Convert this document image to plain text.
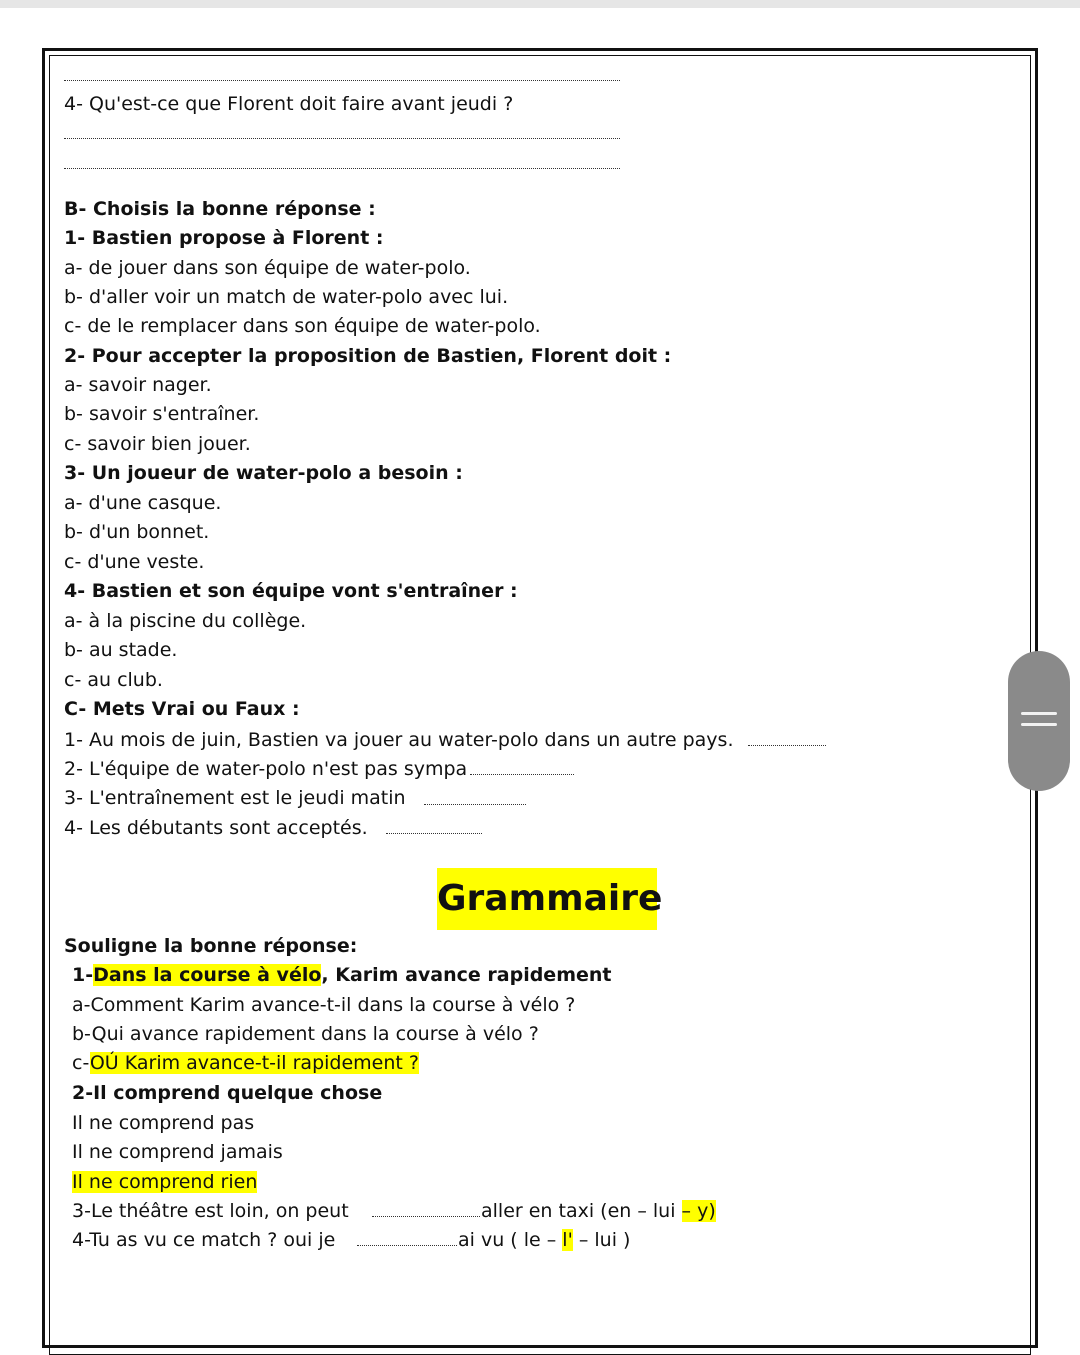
4- Qu'est-ce que Florent doit faire avant jeudi ?
B- Choisis la bonne réponse :
1- Bastien propose à Florent :
a- de jouer dans son équipe de water-polo.
b- d'aller voir un match de water-polo avec lui.
c- de le remplacer dans son équipe de water-polo.
2- Pour accepter la proposition de Bastien, Florent doit :
a- savoir nager.
b- savoir s'entraîner.
c- savoir bien jouer.
3- Un joueur de water-polo a besoin :
a- d'une casque.
b- d'un bonnet.
c- d'une veste.
4- Bastien et son équipe vont s'entraîner :
a- à la piscine du collège.
b- au stade.
c- au club.
C- Mets Vrai ou Faux :
1- Au mois de juin, Bastien va jouer au water-polo dans un autre pays.
2- L'équipe de water-polo n'est pas sympa
3- L'entraînement est le jeudi matin
4- Les débutants sont acceptés.
Grammaire
Souligne la bonne réponse:
1-Dans la course à vélo, Karim avance rapidement
a-Comment Karim avance-t-il dans la course à vélo ?
b-Qui avance rapidement dans la course à vélo ?
c-OÚ Karim avance-t-il rapidement ?
2-Il comprend quelque chose
Il ne comprend pas
Il ne comprend jamais
Il ne comprend rien
3-Le théâtre est loin, on peut	aller en taxi (en – lui – y)
4-Tu as vu ce match ? oui je	ai vu ( le – l' – lui )
